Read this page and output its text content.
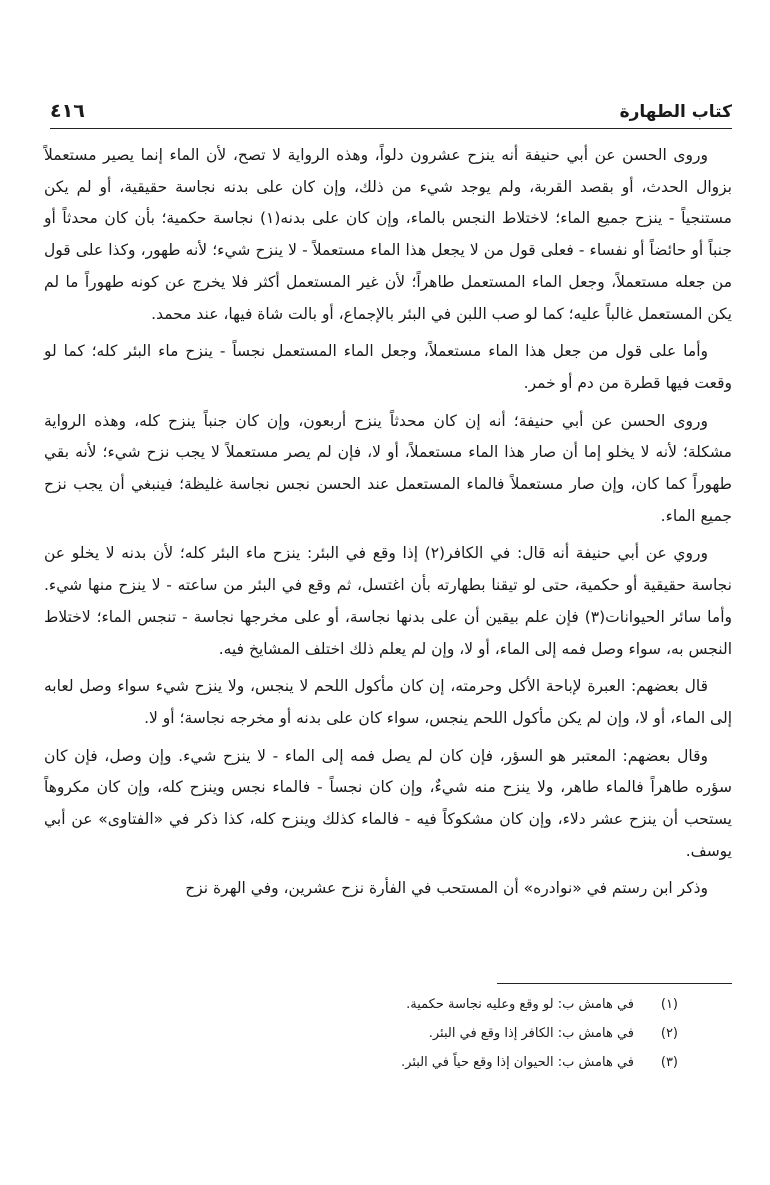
كتاب الطهارة
٤١٦

وروى الحسن عن أبي حنيفة أنه ينزح عشرون دلواً، وهذه الرواية لا تصح، لأن الماء إنما يصير مستعملاً بزوال الحدث، أو بقصد القربة، ولم يوجد شيء من ذلك، وإن كان على بدنه نجاسة حقيقية، أو لم يكن مستنجياً - ينزح جميع الماء؛ لاختلاط النجس بالماء، وإن كان على بدنه(١) نجاسة حكمية؛ بأن كان محدثاً أو جنباً أو حائضاً أو نفساء - فعلى قول من لا يجعل هذا الماء مستعملاً - لا ينزح شيء؛ لأنه طهور، وكذا على قول من جعله مستعملاً، وجعل الماء المستعمل طاهراً؛ لأن غير المستعمل أكثر فلا يخرج عن كونه طهوراً ما لم يكن المستعمل غالباً عليه؛ كما لو صب اللبن في البئر بالإجماع، أو بالت شاة فيها، عند محمد.

وأما على قول من جعل هذا الماء مستعملاً، وجعل الماء المستعمل نجساً - ينزح ماء البئر كله؛ كما لو وقعت فيها قطرة من دم أو خمر.

وروى الحسن عن أبي حنيفة؛ أنه إن كان محدثاً ينزح أربعون، وإن كان جنباً ينزح كله، وهذه الرواية مشكلة؛ لأنه لا يخلو إما أن صار هذا الماء مستعملاً، أو لا، فإن لم يصر مستعملاً لا يجب نزح شيء؛ لأنه بقي طهوراً كما كان، وإن صار مستعملاً فالماء المستعمل عند الحسن نجس نجاسة غليظة؛ فينبغي أن يجب نزح جميع الماء.

وروي عن أبي حنيفة أنه قال: في الكافر(٢) إذا وقع في البئر: ينزح ماء البئر كله؛ لأن بدنه لا يخلو عن نجاسة حقيقية أو حكمية، حتى لو تيقنا بطهارته بأن اغتسل، ثم وقع في البئر من ساعته - لا ينزح منها شيء. وأما سائر الحيوانات(٣) فإن علم بيقين أن على بدنها نجاسة، أو على مخرجها نجاسة - تنجس الماء؛ لاختلاط النجس به، سواء وصل فمه إلى الماء، أو لا، وإن لم يعلم ذلك اختلف المشايخ فيه.

قال بعضهم: العبرة لإباحة الأكل وحرمته، إن كان مأكول اللحم لا ينجس، ولا ينزح شيء سواء وصل لعابه إلى الماء، أو لا، وإن لم يكن مأكول اللحم ينجس، سواء كان على بدنه أو مخرجه نجاسة؛ أو لا.

وقال بعضهم: المعتبر هو السؤر، فإن كان لم يصل فمه إلى الماء - لا ينزح شيء. وإن وصل، فإن كان سؤره طاهراً فالماء طاهر، ولا ينزح منه شيءٌ، وإن كان نجساً - فالماء نجس وينزح كله، وإن كان مكروهاً يستحب أن ينزح عشر دلاء، وإن كان مشكوكاً فيه - فالماء كذلك وينزح كله، كذا ذكر في «الفتاوى» عن أبي يوسف.

وذكر ابن رستم في «نوادره» أن المستحب في الفأرة نزح عشرين، وفي الهرة نزح

(١)
في هامش ب: لو وقع وعليه نجاسة حكمية.
(٢)
في هامش ب: الكافر إذا وقع في البئر.
(٣)
في هامش ب: الحيوان إذا وقع حياً في البئر.
